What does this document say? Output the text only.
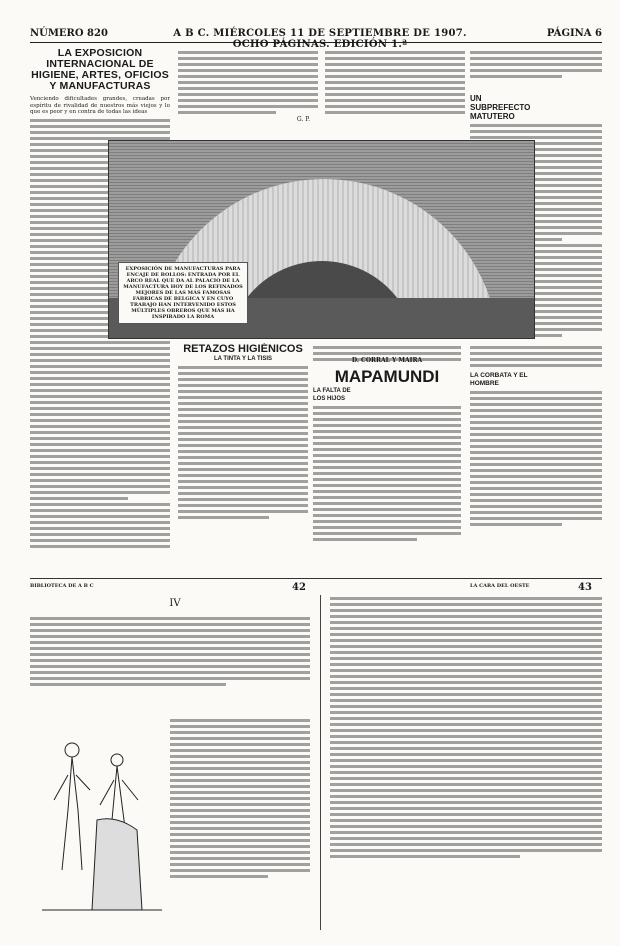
NÚMERO 820	A B C. MIÉRCOLES 11 DE SEPTIEMBRE DE 1907. OCHO PÁGINAS. EDICIÓN 1.ª
PÁGINA 6
LA EXPOSICIÓN INTERNACIONAL DE HIGIENE, ARTES, OFICIOS Y MANUFACTURAS
Venciendo dificultades grandes, creadas por espíritu de rivalidad de nuestros más viejos y lo que es peor y en contra de todas las ideas
G. P.
UN SUBPREFECTO MATUTERO
EXPOSICIÓN DE MANUFACTURAS PARA ENCAJE DE BOLLOS: ENTRADA POR EL ARCO REAL QUE DA AL PALACIO DE LA MANUFACTURA HOY DE LOS REFINADOS MEJORES DE LAS MÁS FAMOSAS FÁBRICAS DE BELGICA Y EN CUYO TRABAJO HAN INTERVENIDO ESTOS MÚLTIPLES OBREROS QUE MÁS HA INSPIRADO LA ROMA
RETAZOS HIGIÉNICOS
LA TINTA Y LA TISIS	D. CORRAL Y MAIRA
MAPAMUNDI
LA FALTA DE LOS HIJOS
LA CORBATA Y EL HOMBRE
BIBLIOTECA DE A B C	42	LA CARA DEL OESTE	43
IV
